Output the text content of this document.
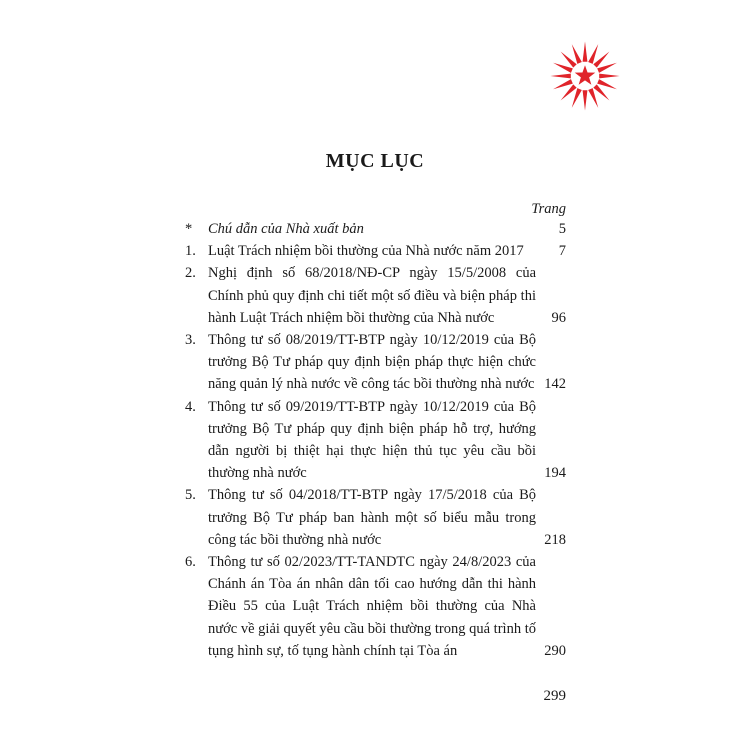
MỤC LỤC
Trang
*	Chú dẫn của Nhà xuất bản	5
1. Luật Trách nhiệm bồi thường của Nhà nước năm 2017	7
2. Nghị định số 68/2018/NĐ-CP ngày 15/5/2008 của Chính phủ quy định chi tiết một số điều và biện pháp thi hành Luật Trách nhiệm bồi thường của Nhà nước	96
3. Thông tư số 08/2019/TT-BTP ngày 10/12/2019 của Bộ trưởng Bộ Tư pháp quy định biện pháp thực hiện chức năng quản lý nhà nước về công tác bồi thường nhà nước 142
4. Thông tư số 09/2019/TT-BTP ngày 10/12/2019 của Bộ trưởng Bộ Tư pháp quy định biện pháp hỗ trợ, hướng dẫn người bị thiệt hại thực hiện thủ tục yêu cầu bồi thường nhà nước	194
5. Thông tư số 04/2018/TT-BTP ngày 17/5/2018 của Bộ trưởng Bộ Tư pháp ban hành một số biểu mẫu trong công tác bồi thường nhà nước	218
6. Thông tư số 02/2023/TT-TANDTC ngày 24/8/2023 của Chánh án Tòa án nhân dân tối cao hướng dẫn thi hành Điều 55 của Luật Trách nhiệm bồi thường của Nhà nước về giải quyết yêu cầu bồi thường trong quá trình tố tụng hình sự, tố tụng hành chính tại Tòa án	290
299
